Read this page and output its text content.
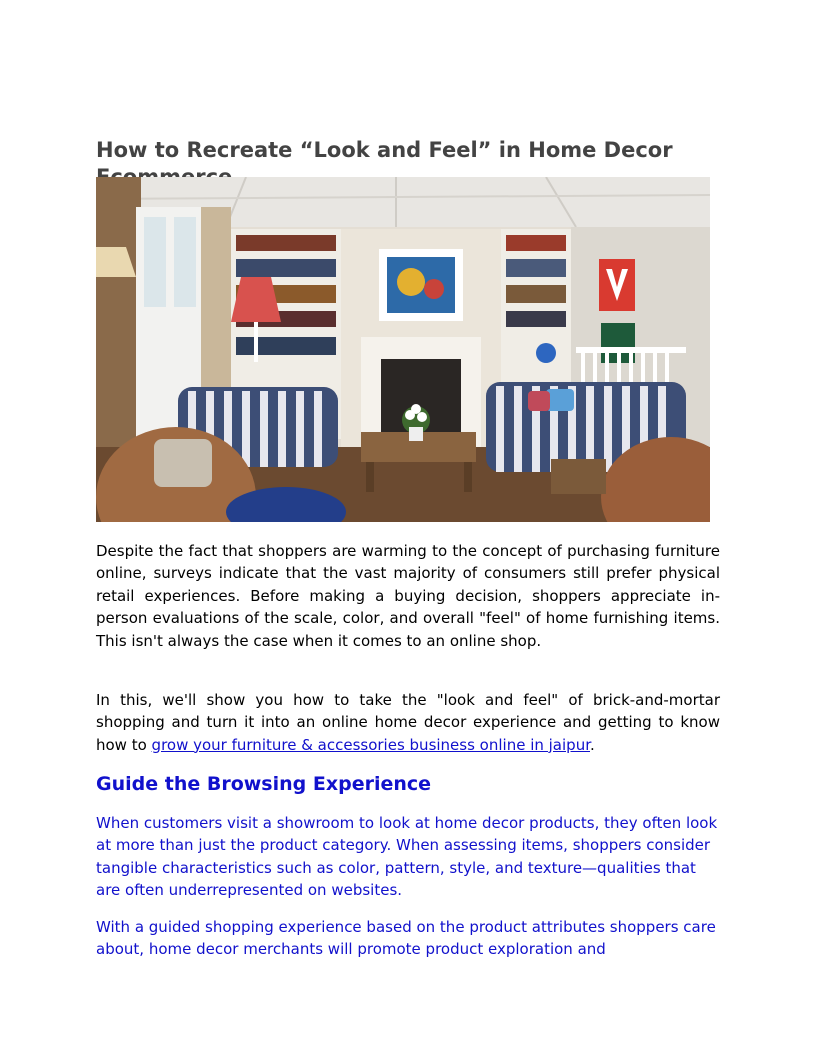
How to Recreate “Look and Feel” in Home Decor

Despite the fact that shoppers are warming to the concept of purchasing furniture online, surveys indicate that the vast majority of consumers still prefer physical retail experiences. Before making a buying decision, shoppers appreciate in-person evaluations of the scale, color, and overall "feel" of home furnishing items. This isn't always the case when it comes to an online shop.

In this, we'll show you how to take the "look and feel" of brick-and-mortar shopping and turn it into an online home decor experience and getting to know how to grow your furniture & accessories business online in jaipur.

Guide the Browsing Experience

When customers visit a showroom to look at home decor products, they often look at more than just the product category. When assessing items, shoppers consider tangible characteristics such as color, pattern, style, and texture—qualities that are often underrepresented on websites.

With a guided shopping experience based on the product attributes shoppers care about, home decor merchants will promote product exploration and
